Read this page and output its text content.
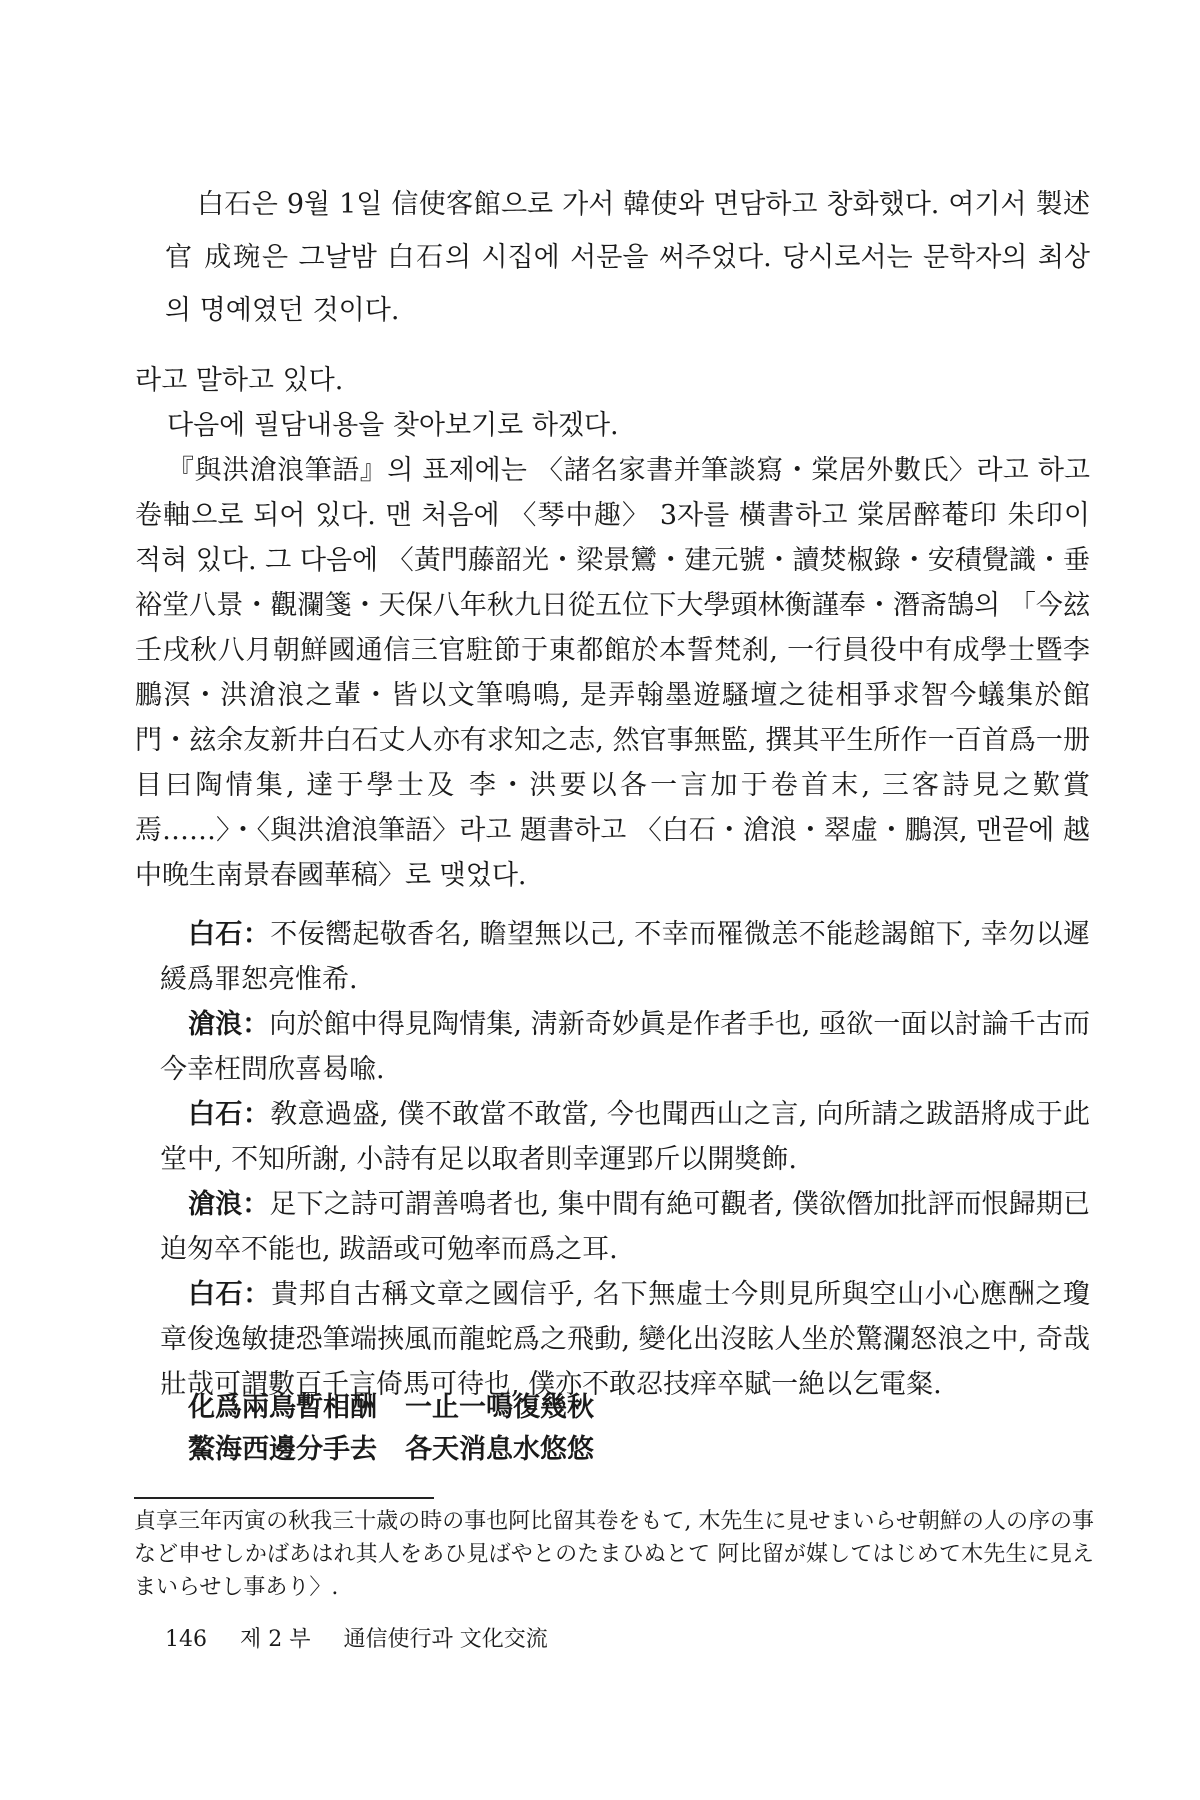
白石은 9월 1일 信使客館으로 가서 韓使와 면담하고 창화했다. 여기서 製述官 成琬은 그날밤 白石의 시집에 서문을 써주었다. 당시로서는 문학자의 최상의 명예였던 것이다.

라고 말하고 있다.

다음에 필담내용을 찾아보기로 하겠다.

『與洪滄浪筆語』의 표제에는 〈諸名家書并筆談寫・棠居外數氏〉라고 하고 卷軸으로 되어 있다. 맨 처음에 〈琴中趣〉 3자를 橫書하고 棠居醉菴印 朱印이 적혀 있다. 그 다음에 〈黃門藤韶光・梁景鸞・建元號・讀焚椒錄・安積覺識・垂裕堂八景・觀瀾箋・天保八年秋九日從五位下大學頭林衡謹奉・潛斋鵠의 「今玆壬戌秋八月朝鮮國通信三官駐節于東都館於本誓梵刹, 一行員役中有成學士暨李鵬溟・洪滄浪之輩・皆以文筆鳴鳴, 是弄翰墨遊騷壇之徒相爭求智今蟻集於館門・玆余友新井白石丈人亦有求知之志, 然官事無監, 撰其平生所作一百首爲一册目曰陶情集, 達于學士及 李・洪要以各一言加于卷首末, 三客詩見之歎賞焉……〉・〈與洪滄浪筆語〉라고 題書하고 〈白石・滄浪・翠虛・鵬溟, 맨끝에 越中晚生南景春國華稿〉로 맺었다.

白石：不佞嚮起敬香名, 瞻望無以己, 不幸而罹微恙不能趁謁館下, 幸勿以遲緩爲罪恕亮惟希.

滄浪：向於館中得見陶情集, 淸新奇妙眞是作者手也, 亟欲一面以討論千古而今幸枉問欣喜曷喩.

白石：敎意過盛, 僕不敢當不敢當, 今也聞西山之言, 向所請之跋語將成于此堂中, 不知所謝, 小詩有足以取者則幸運郢斤以開獎飾.

滄浪：足下之詩可謂善鳴者也, 集中間有絶可觀者, 僕欲僭加批評而恨歸期已迫匆卒不能也, 跋語或可勉率而爲之耳.

白石：貴邦自古稱文章之國信乎, 名下無虛士今則見所與空山小心應酬之瓊章俊逸敏捷恐筆端挾風而龍蛇爲之飛動, 變化出沒眩人坐於驚瀾怒浪之中, 奇哉壯哉可謂數百千言倚馬可待也, 僕亦不敢忍技痒卒賦一絶以乞電粲.

化爲兩鳥暫相酬 一止一鳴復幾秋
鰲海西邊分手去 各天消息水悠悠

貞享三年丙寅の秋我三十歳の時の事也阿比留其卷をもて, 木先生に見せまいらせ朝鮮の人の序の事など申せしかばあはれ其人をあひ見ばやとのたまひぬとて 阿比留が媒してはじめて木先生に見えまいらせし事あり〉.

146 제 2 부 通信使行과 文化交流
